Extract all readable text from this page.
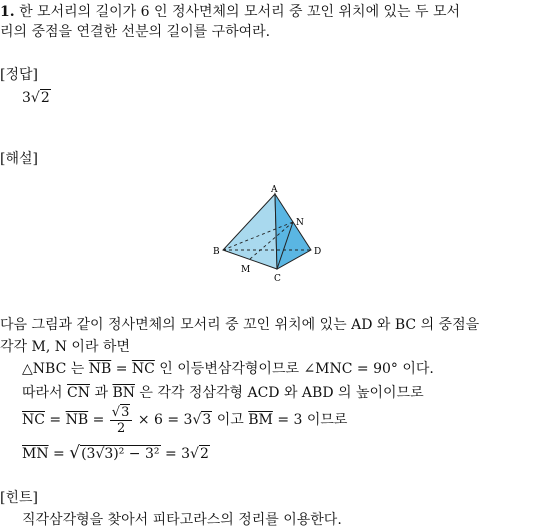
1. 한 모서리의 길이가 6 인 정사면체의 모서리 중 꼬인 위치에 있는 두 모서
리의 중점을 연결한 선분의 길이를 구하여라.
[정답]
3√2
[해설]
A
B
C
D
M
N
다음 그림과 같이 정사면체의 모서리 중 꼬인 위치에 있는 AD 와 BC 의 중점을
각각 M, N 이라 하면
△NBC 는 $\overline{NB} = \overline{NC}$ 인 이등변삼각형이므로 ∠MNC = 90° 이다.
따라서 $\overline{CN}$ 과 $\overline{BN}$ 은 각각 정삼각형 ACD 와 ABD 의 높이이므로
$\overline{NC} = \overline{NB} = \frac{√3}{2} \times 6 = 3√3$ 이고 $\overline{BM} = 3$ 이므로
$\overline{MN} = √(3√3)^2 - 3^2 = 3√2$
[힌트]
직각삼각형을 찾아서 피타고라스의 정리를 이용한다.
